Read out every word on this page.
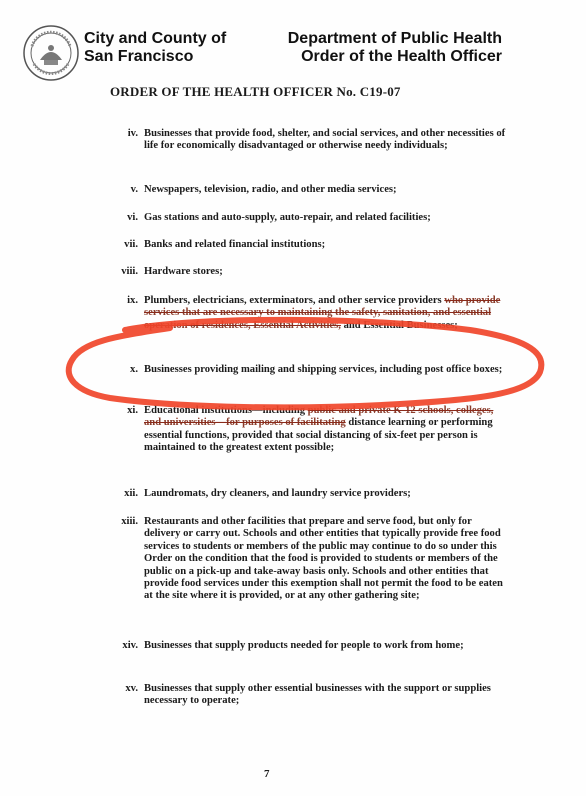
City and County of
San Francisco
Department of Public Health
Order of the Health Officer
ORDER OF THE HEALTH OFFICER No. C19-07
iv. Businesses that provide food, shelter, and social services, and other necessities of life for economically disadvantaged or otherwise needy individuals;
v. Newspapers, television, radio, and other media services;
vi. Gas stations and auto-supply, auto-repair, and related facilities;
vii. Banks and related financial institutions;
viii. Hardware stores;
ix. Plumbers, electricians, exterminators, and other service providers who provide services that are necessary to maintaining the safety, sanitation, and essential operation of residences, Essential Activities, and Essential Businesses;
x. Businesses providing mailing and shipping services, including post office boxes;
xi. Educational institutions—including public and private K-12 schools, colleges, and universities—for purposes of facilitating distance learning or performing essential functions, provided that social distancing of six-feet per person is maintained to the greatest extent possible;
xii. Laundromats, dry cleaners, and laundry service providers;
xiii. Restaurants and other facilities that prepare and serve food, but only for delivery or carry out. Schools and other entities that typically provide free food services to students or members of the public may continue to do so under this Order on the condition that the food is provided to students or members of the public on a pick-up and take-away basis only. Schools and other entities that provide food services under this exemption shall not permit the food to be eaten at the site where it is provided, or at any other gathering site;
xiv. Businesses that supply products needed for people to work from home;
xv. Businesses that supply other essential businesses with the support or supplies necessary to operate;
7
